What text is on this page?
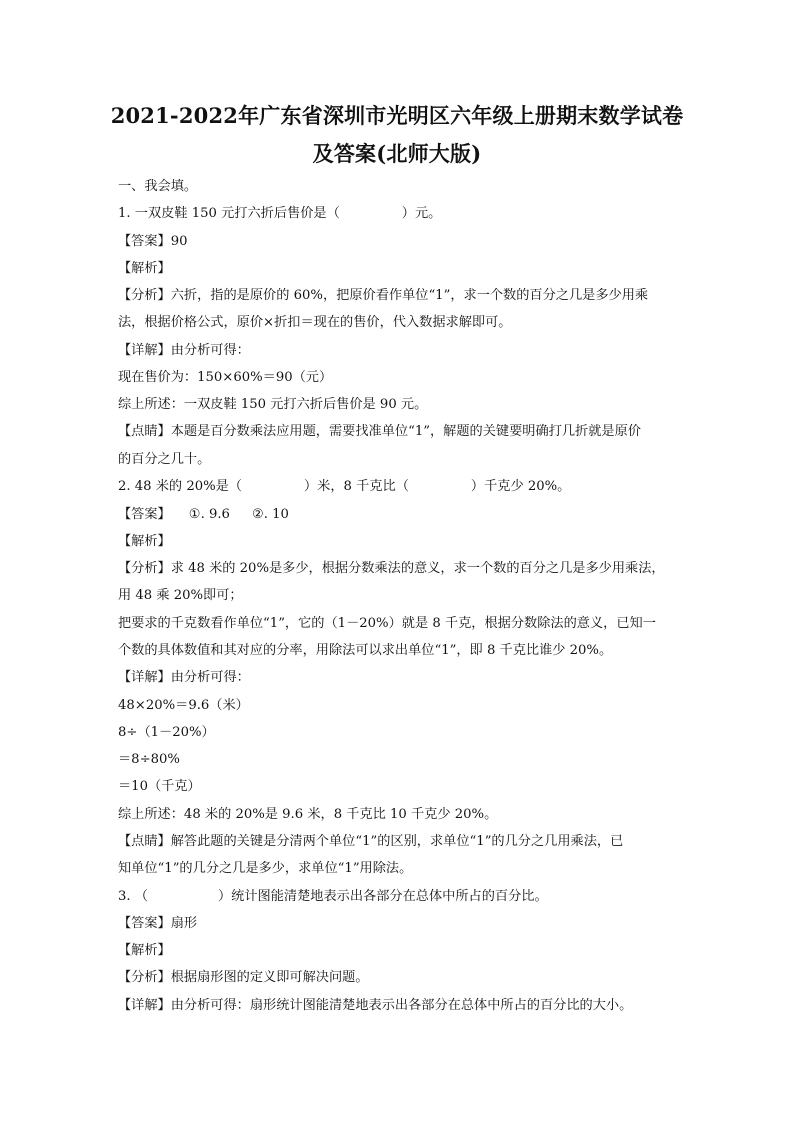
2021-2022年广东省深圳市光明区六年级上册期末数学试卷
及答案(北师大版)
一、我会填。
1. 一双皮鞋 150 元打六折后售价是（	）元。
【答案】90
【解析】
【分析】六折，指的是原价的 60%，把原价看作单位“1”，求一个数的百分之几是多少用乘
法，根据价格公式，原价×折扣＝现在的售价，代入数据求解即可。
【详解】由分析可得：
现在售价为：150×60%＝90（元）
综上所述：一双皮鞋 150 元打六折后售价是 90 元。
【点睛】本题是百分数乘法应用题，需要找准单位“1”，解题的关键要明确打几折就是原价
的百分之几十。
2. 48 米的 20%是（	）米，8 千克比（	）千克少 20%。
【答案】 ①. 9.6 ②. 10
【解析】
【分析】求 48 米的 20%是多少，根据分数乘法的意义，求一个数的百分之几是多少用乘法，
用 48 乘 20%即可；
把要求的千克数看作单位“1”，它的（1－20%）就是 8 千克，根据分数除法的意义，已知一
个数的具体数值和其对应的分率，用除法可以求出单位“1”，即 8 千克比谁少 20%。
【详解】由分析可得：
48×20%＝9.6（米）
8÷（1－20%）
＝8÷80%
＝10（千克）
综上所述：48 米的 20%是 9.6 米，8 千克比 10 千克少 20%。
【点睛】解答此题的关键是分清两个单位“1”的区别，求单位“1”的几分之几用乘法，已
知单位“1”的几分之几是多少，求单位“1”用除法。
3. （	）统计图能清楚地表示出各部分在总体中所占的百分比。
【答案】扇形
【解析】
【分析】根据扇形图的定义即可解决问题。
【详解】由分析可得：扇形统计图能清楚地表示出各部分在总体中所占的百分比的大小。
